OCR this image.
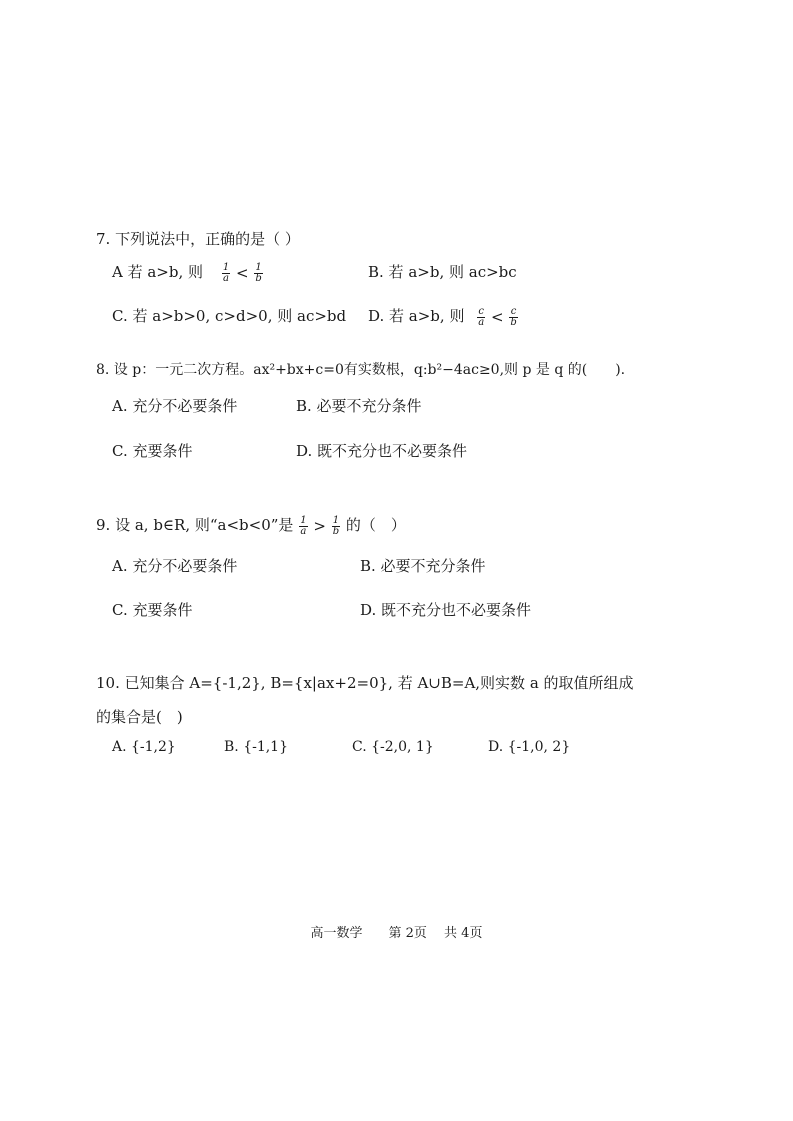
7. 下列说法中，正确的是（ ）
A 若 a>b, 则 $\frac{1}{a} < \frac{1}{b}$	B. 若 a>b, 则 ac>bc
C. 若 a>b>0, c>d>0, 则 ac>bd D. 若 a>b, 则 $\frac{c}{a} < \frac{c}{b}$
8. 设 p：一元二次方程。ax²+bx+c=0有实数根，q:b²−4ac≥0,则 p 是 q 的(　　).
A. 充分不必要条件	B. 必要不充分条件
C. 充要条件	D. 既不充分也不必要条件
9. 设 a, b∈R, 则“a<b<0”是 $\frac{1}{a} > \frac{1}{b}$ 的（　）
A. 充分不必要条件	B. 必要不充分条件
C. 充要条件	D. 既不充分也不必要条件
10. 已知集合 A={-1,2}, B={x|ax+2=0}, 若 A∪B=A,则实数 a 的取值所组成
的集合是(　)
A. {-1,2}	B. {-1,1}	C. {-2,0, 1}	D. {-1,0, 2}
高一数学　　第 2页　 共 4页
